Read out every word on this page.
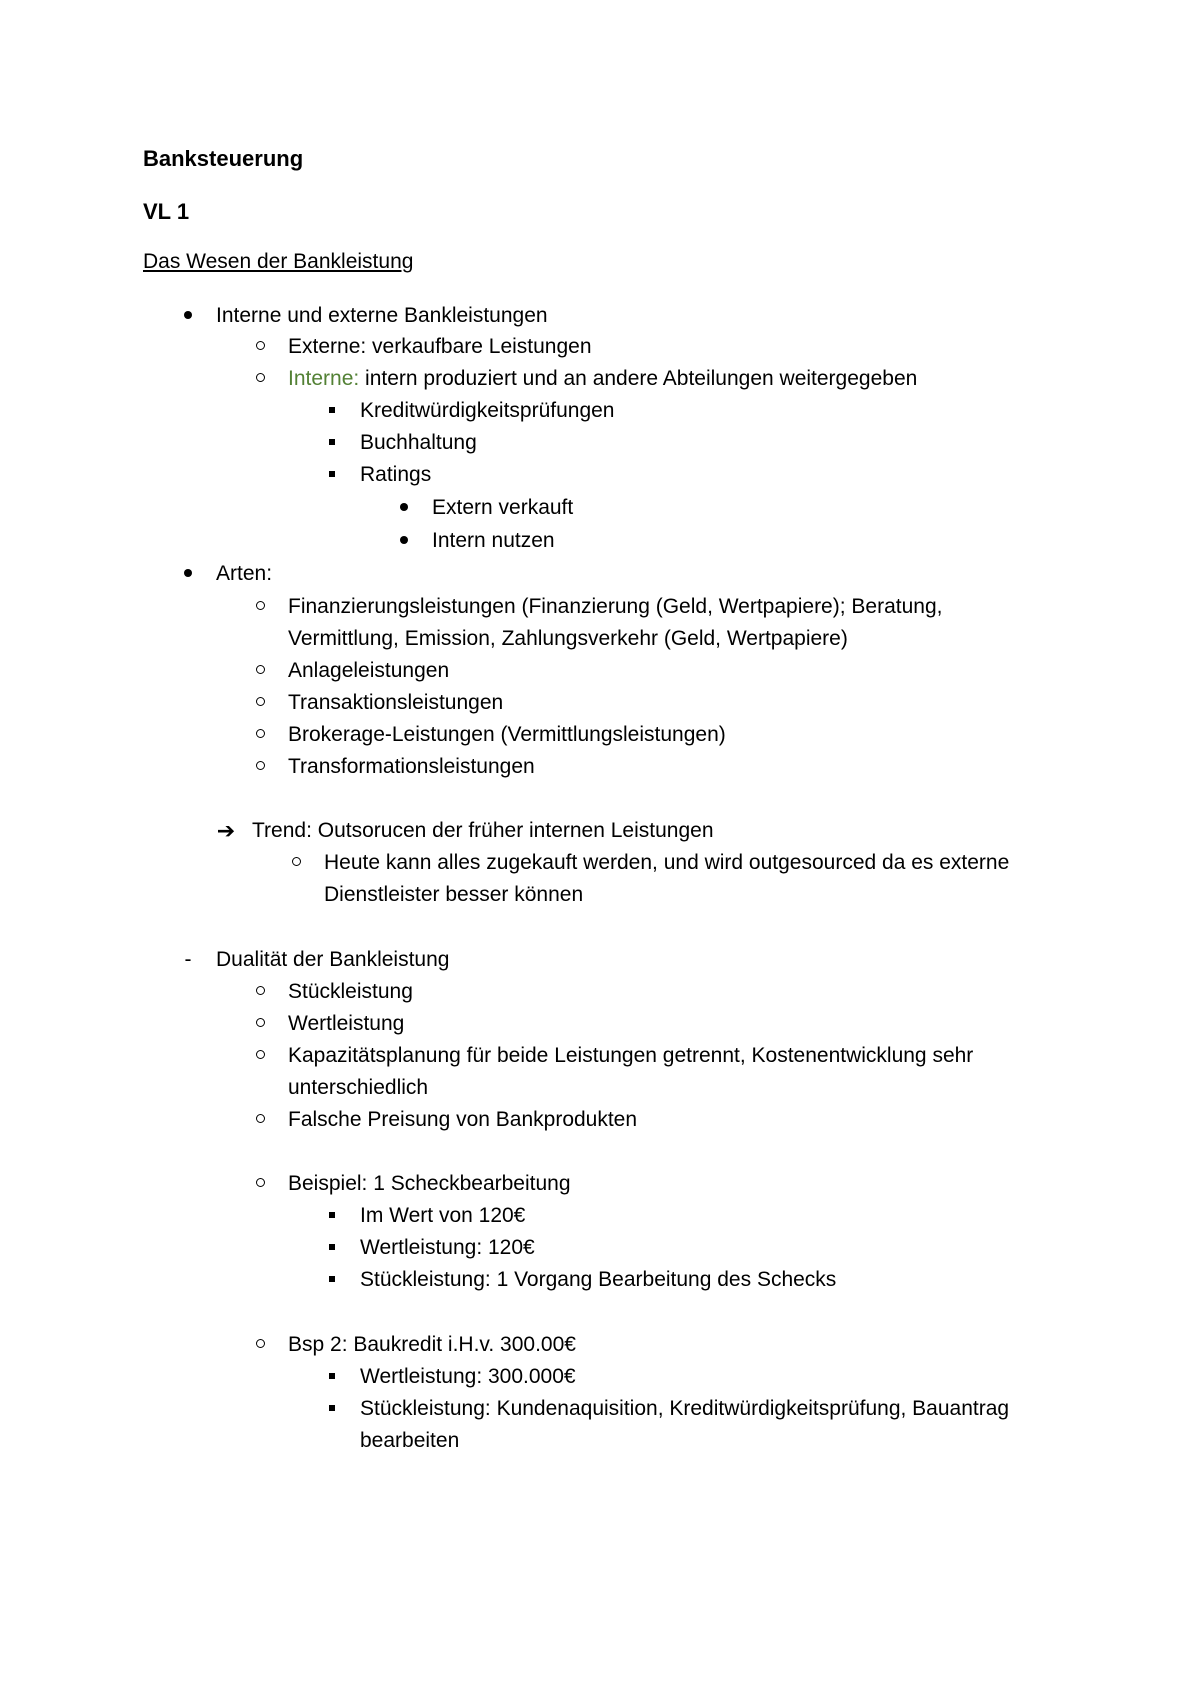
Banksteuerung
VL 1
Das Wesen der Bankleistung
Interne und externe Bankleistungen
Externe: verkaufbare Leistungen
Interne: intern produziert und an andere Abteilungen weitergegeben
Kreditwürdigkeitsprüfungen
Buchhaltung
Ratings
Extern verkauft
Intern nutzen
Arten:
Finanzierungsleistungen (Finanzierung (Geld, Wertpapiere); Beratung,
Vermittlung, Emission, Zahlungsverkehr (Geld, Wertpapiere)
Anlageleistungen
Transaktionsleistungen
Brokerage-Leistungen (Vermittlungsleistungen)
Transformationsleistungen
➔ Trend: Outsorucen der früher internen Leistungen
Heute kann alles zugekauft werden, und wird outgesourced da es externe
Dienstleister besser können
-	Dualität der Bankleistung
Stückleistung
Wertleistung
Kapazitätsplanung für beide Leistungen getrennt, Kostenentwicklung sehr
unterschiedlich
Falsche Preisung von Bankprodukten
Beispiel: 1 Scheckbearbeitung
Im Wert von 120€
Wertleistung: 120€
Stückleistung: 1 Vorgang Bearbeitung des Schecks
Bsp 2: Baukredit i.H.v. 300.00€
Wertleistung: 300.000€
Stückleistung: Kundenaquisition, Kreditwürdigkeitsprüfung, Bauantrag
bearbeiten
